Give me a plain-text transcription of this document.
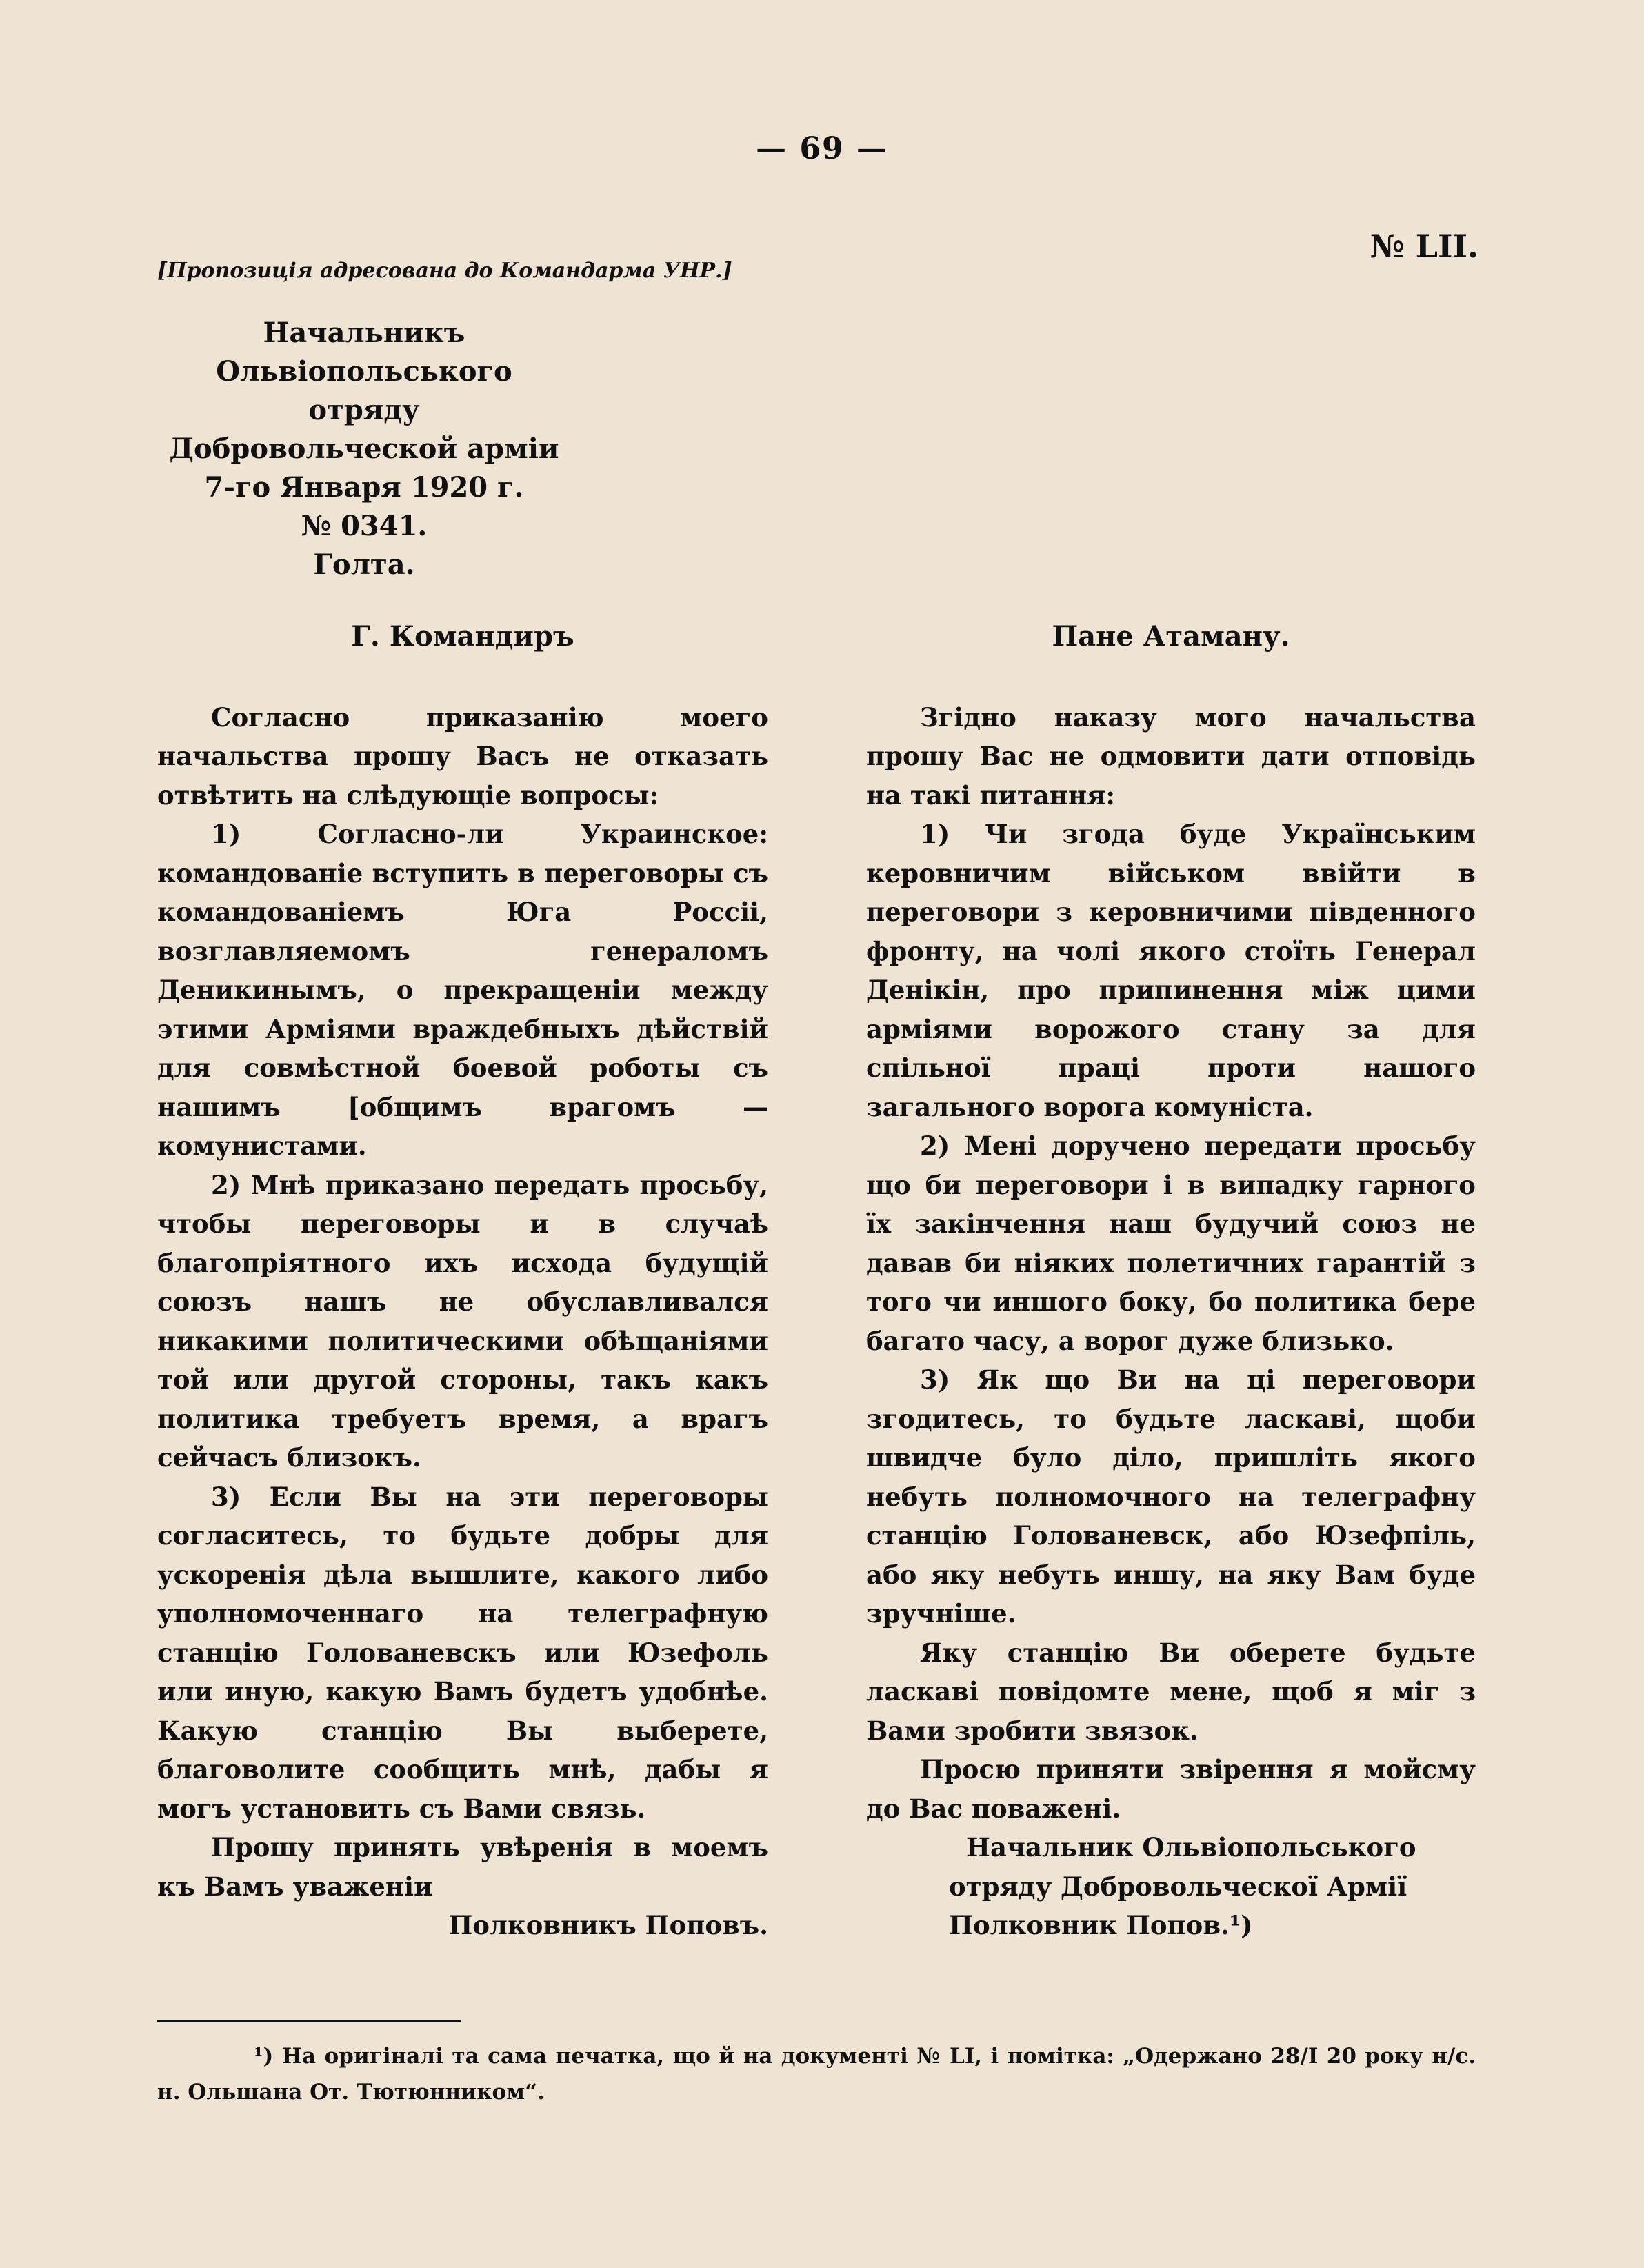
— 69 —
№ LII.
[Пропозиція адресована до Командарма УНР.]
Начальникъ
Ольвіопольського
отряду
Добровольческой армiи
7-го Января 1920 г.
№ 0341.
Голта.
Г. Командиръ

Согласно приказанію моего начальства прошу Васъ не отказать отвѣтить на слѣдующіе вопросы:

1) Согласно-ли Украинское: командованіе вступить в переговоры съ командованіемъ Юга Россіі, возглавляемомъ генераломъ Деникинымъ, о прекращеніи между этими Арміями враждебныхъ дѣйствій для совмѣстной боевой роботы съ нашимъ [общимъ врагомъ — комунистами.

2) Мнѣ приказано передать просьбу, чтобы переговоры и в случаѣ благопріятного ихъ исхода будущій союзъ нашъ не обуславливался никакими политическими обѣщаніями той или другой стороны, такъ какъ политика требуетъ время, а врагъ сейчасъ близокъ.

3) Если Вы на эти переговоры согласитесь, то будьте добры для ускоренія дѣла вышлите, какого либо уполномоченнаго на телеграфную станцію Голованевскъ или Юзефоль или иную, какую Вамъ будетъ удобнѣе. Какую станцію Вы выберете, благоволите сообщить мнѣ, дабы я могъ установить съ Вами связь.

Прошу принять увѣренія в моемъ къ Вамъ уваженіи

Полковникъ Поповъ.

Пане Атаману.

Згідно наказу мого начальства прошу Вас не одмовити дати отповідь на такі питання:

1) Чи згода буде Українським керовничим військом ввійти в переговори з керовничими південного фронту, на чолі якого стоїть Генерал Денікін, про припинення між цими арміями ворожого стану за для спільної праці проти нашого загального ворога комуніста.

2) Мені доручено передати просьбу що би переговори і в випадку гарного їх закінчення наш будучий союз не давав би ніяких полетичних гарантій з того чи иншого боку, бо политика бере багато часу, а ворог дуже близько.

3) Як що Ви на ці переговори згодитесь, то будьте ласкаві, щоби швидче було діло, пришліть якого небуть полномочного на телеграфну станцію Голованевск, або Юзефпіль, або яку небуть иншу, на яку Вам буде зручніше.

Яку станцію Ви оберете будьте ласкаві повідомте мене, щоб я міг з Вами зробити звязок.

Просю приняти звірення я мойсму до Вас поважені.

Начальник Ольвіопольського

отряду Добровольческої Армії

Полковник Попов.¹)

¹) На оригіналі та сама печатка, що й на документі № LI, і помітка: „Одержано 28/I 20 року н/с. н. Ольшана От. Тютюнником“.
